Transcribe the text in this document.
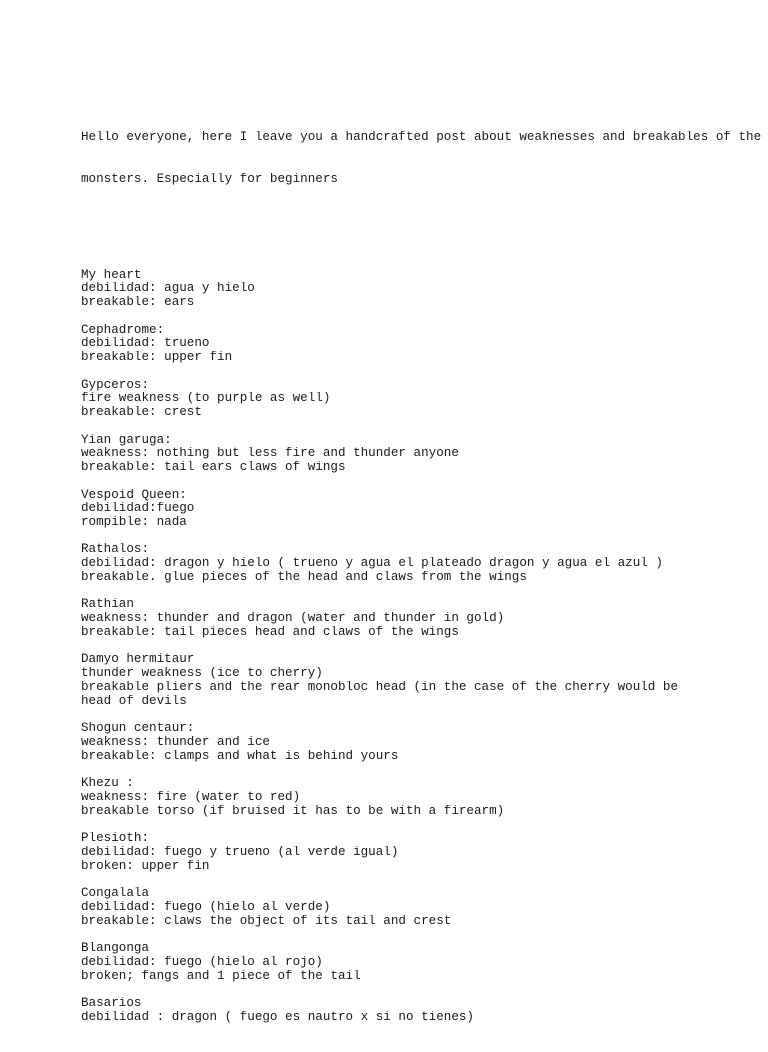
Hello everyone, here I leave you a handcrafted post about weaknesses and breakables of the

monsters. Especially for beginners

My heart
debilidad: agua y hielo
breakable: ears
Cephadrome:
debilidad: trueno
breakable: upper fin
Gypceros:
fire weakness (to purple as well)
breakable: crest
Yian garuga:
weakness: nothing but less fire and thunder anyone
breakable: tail ears claws of wings
Vespoid Queen:
debilidad:fuego
rompible: nada
Rathalos:
debilidad: dragon y hielo ( trueno y agua el plateado dragon y agua el azul )
breakable. glue pieces of the head and claws from the wings
Rathian
weakness: thunder and dragon (water and thunder in gold)
breakable: tail pieces head and claws of the wings
Damyo hermitaur
thunder weakness (ice to cherry)
breakable pliers and the rear monobloc head (in the case of the cherry would be
head of devils
Shogun centaur:
weakness: thunder and ice
breakable: clamps and what is behind yours
Khezu :
weakness: fire (water to red)
breakable torso (if bruised it has to be with a firearm)
Plesioth:
debilidad: fuego y trueno (al verde igual)
broken: upper fin
Congalala
debilidad: fuego (hielo al verde)
breakable: claws the object of its tail and crest
Blangonga
debilidad: fuego (hielo al rojo)
broken; fangs and 1 piece of the tail
Basarios
debilidad : dragon ( fuego es nautro x si no tienes)
